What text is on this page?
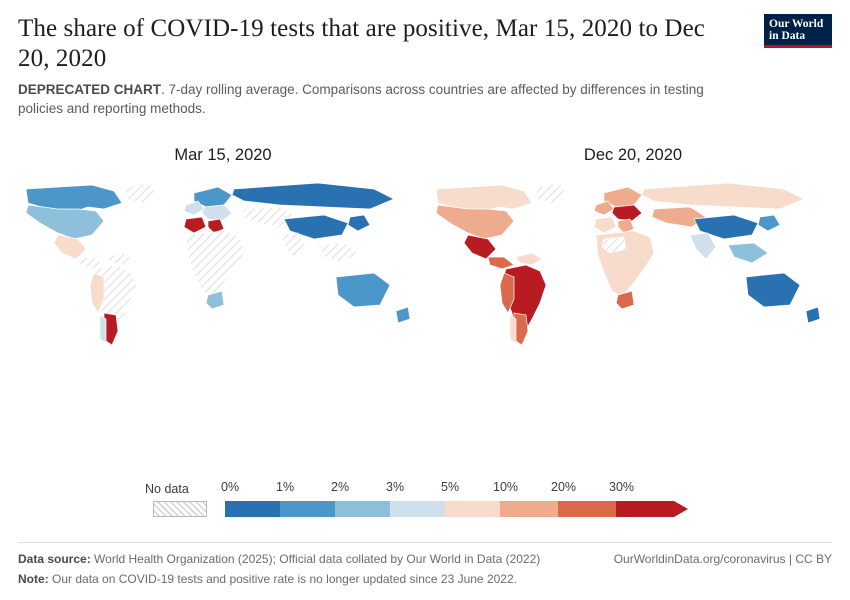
The share of COVID-19 tests that are positive, Mar 15, 2020 to Dec 20, 2020

DEPRECATED CHART. 7-day rolling average. Comparisons across countries are affected by differences in testing policies and reporting methods.

Our World
in Data
Mar 15, 2020	Dec 20, 2020
No data	0%	1%	2%	3%	5%	10%	20%	30%
Data source: World Health Organization (2025); Official data collated by Our World in Data (2022)	OurWorldinData.org/coronavirus | CC BY
Note: Our data on COVID-19 tests and positive rate is no longer updated since 23 June 2022.
